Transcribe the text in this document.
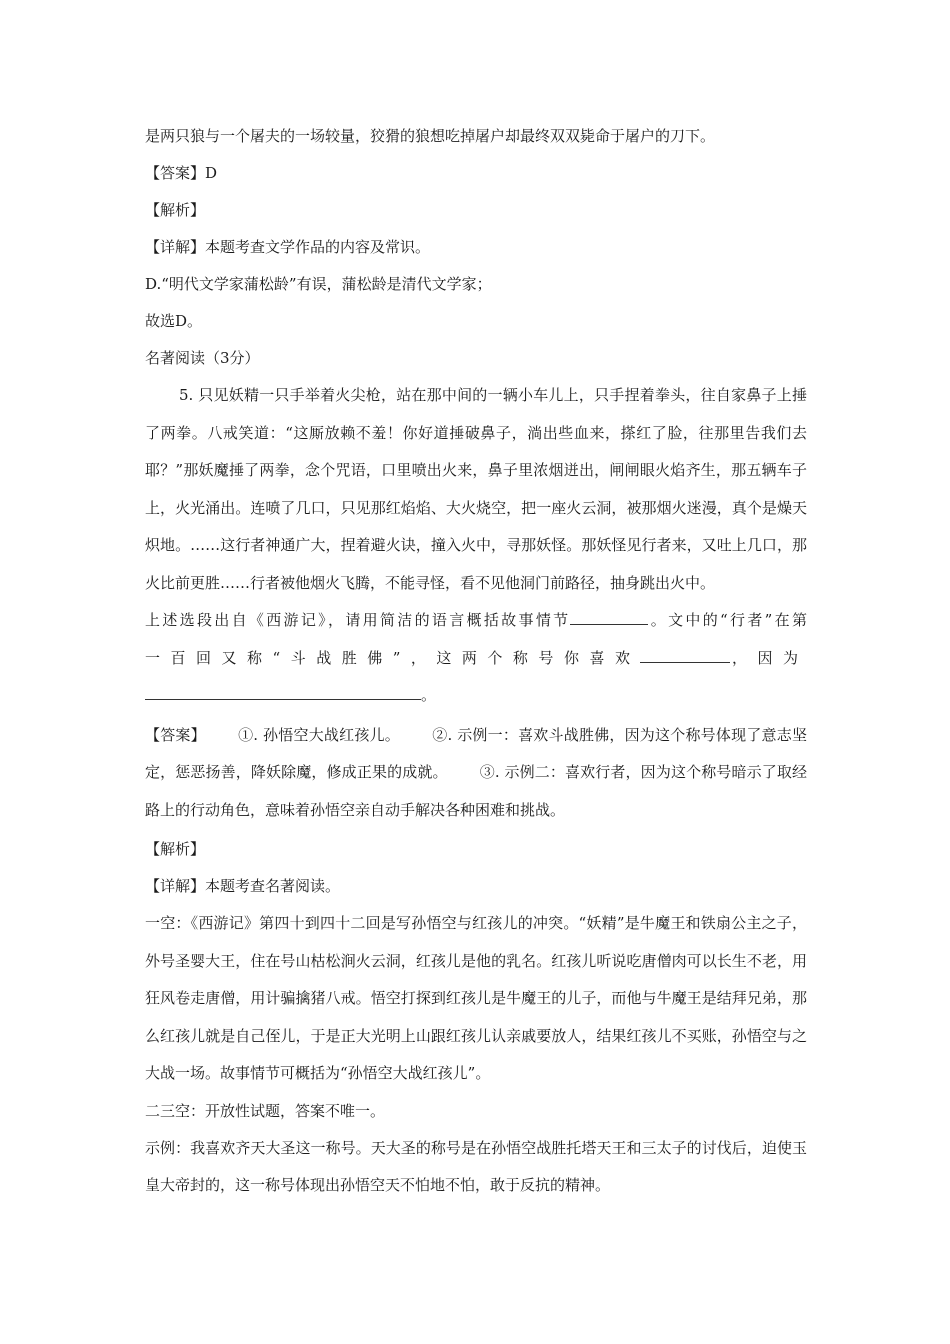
是两只狼与一个屠夫的一场较量，狡猾的狼想吃掉屠户却最终双双毙命于屠户的刀下。
【答案】D
【解析】
【详解】本题考查文学作品的内容及常识。
D.“明代文学家蒲松龄”有误，蒲松龄是清代文学家；
故选D。
名著阅读（3分）
5. 只见妖精一只手举着火尖枪，站在那中间的一辆小车儿上，只手捏着拳头，往自家鼻子上捶了两拳。八戒笑道：“这厮放赖不羞！你好道捶破鼻子，淌出些血来，搽红了脸，往那里告我们去耶？”那妖魔捶了两拳，念个咒语，口里喷出火来，鼻子里浓烟迸出，闸闸眼火焰齐生，那五辆车子上，火光涌出。连喷了几口，只见那红焰焰、大火烧空，把一座火云洞，被那烟火迷漫，真个是燥天炽地。……这行者神通广大，捏着避火诀，撞入火中，寻那妖怪。那妖怪见行者来，又吐上几口，那火比前更胜……行者被他烟火飞腾，不能寻怪，看不见他洞门前路径，抽身跳出火中。
上述选段出自《西游记》，请用简洁的语言概括故事情节	。文中的“行者”在第
一百回又称“斗战胜佛”，这两个称号你喜欢	，因为
。
【答案】 ①. 孙悟空大战红孩儿。 ②. 示例一：喜欢斗战胜佛，因为这个称号体现了意志坚定，惩恶扬善，降妖除魔，修成正果的成就。 ③. 示例二：喜欢行者，因为这个称号暗示了取经路上的行动角色，意味着孙悟空亲自动手解决各种困难和挑战。
【解析】
【详解】本题考查名著阅读。
一空：《西游记》第四十到四十二回是写孙悟空与红孩儿的冲突。“妖精”是牛魔王和铁扇公主之子，外号圣婴大王，住在号山枯松涧火云洞，红孩儿是他的乳名。红孩儿听说吃唐僧肉可以长生不老，用狂风卷走唐僧，用计骗擒猪八戒。悟空打探到红孩儿是牛魔王的儿子，而他与牛魔王是结拜兄弟，那么红孩儿就是自己侄儿，于是正大光明上山跟红孩儿认亲戚要放人，结果红孩儿不买账，孙悟空与之大战一场。故事情节可概括为“孙悟空大战红孩儿”。
二三空：开放性试题，答案不唯一。
示例：我喜欢齐天大圣这一称号。天大圣的称号是在孙悟空战胜托塔天王和三太子的讨伐后，迫使玉皇大帝封的，这一称号体现出孙悟空天不怕地不怕，敢于反抗的精神。
